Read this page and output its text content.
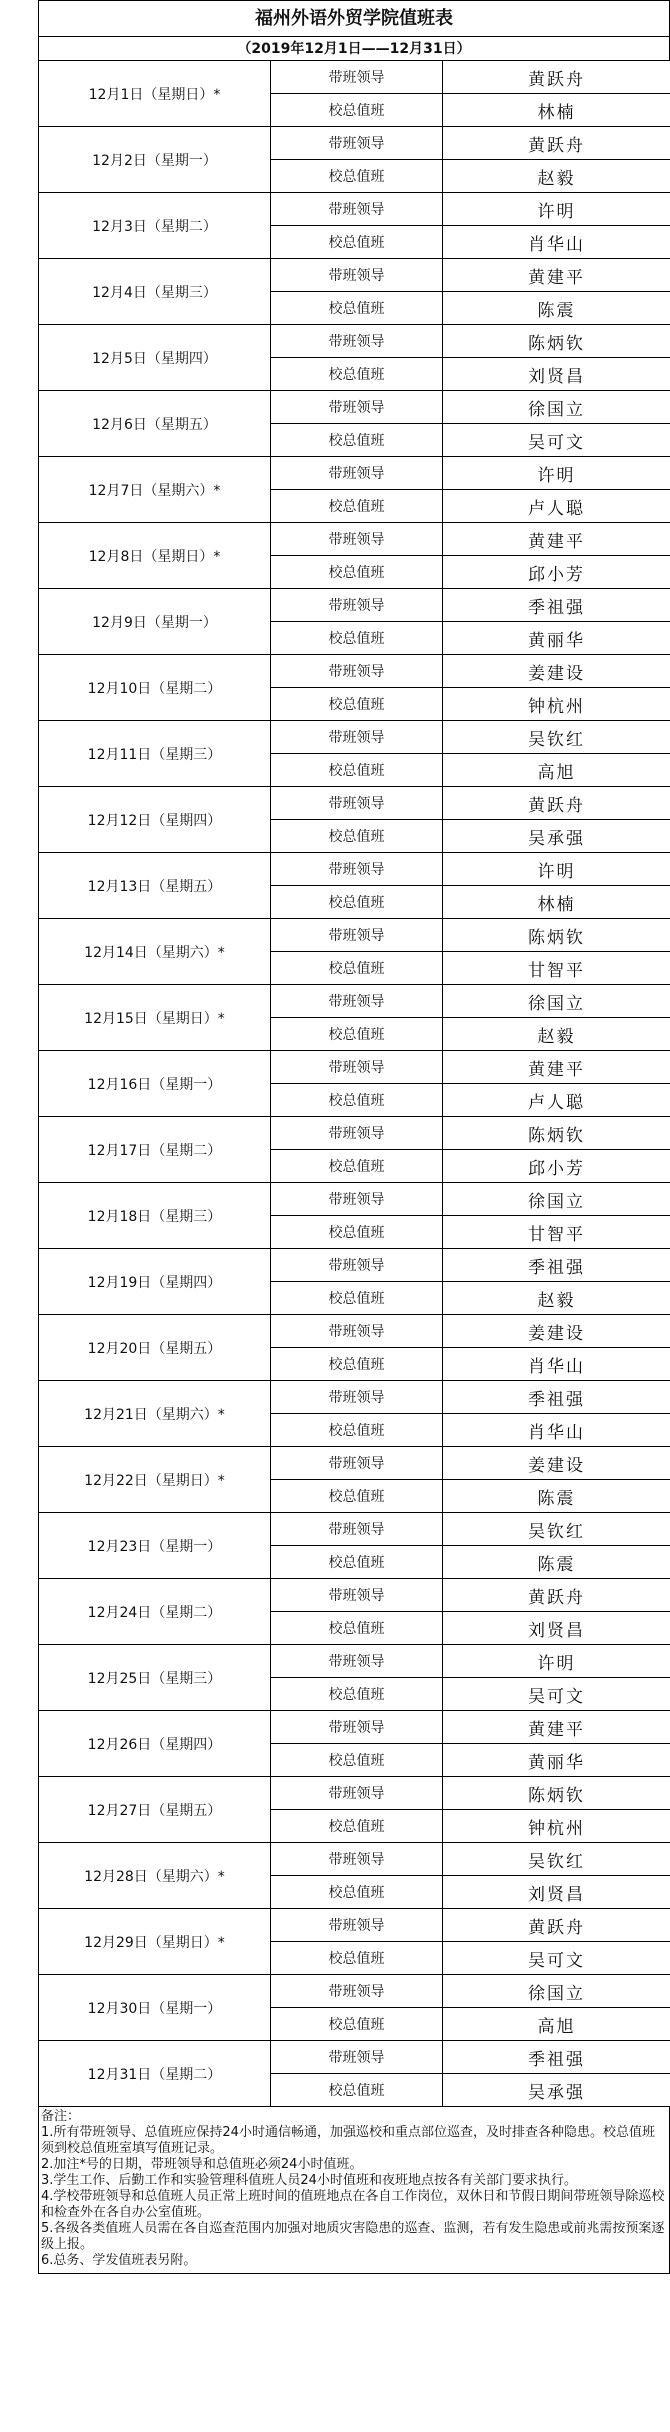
福州外语外贸学院值班表
（2019年12月1日——12月31日）
12月1日（星期日）*	带班领导	黄跃舟
	校总值班	林楠
12月2日（星期一）	带班领导	黄跃舟
	校总值班	赵毅
12月3日（星期二）	带班领导	许明
	校总值班	肖华山
12月4日（星期三）	带班领导	黄建平
	校总值班	陈震
12月5日（星期四）	带班领导	陈炳钦
	校总值班	刘贤昌
12月6日（星期五）	带班领导	徐国立
	校总值班	吴可文
12月7日（星期六）*	带班领导	许明
	校总值班	卢人聪
12月8日（星期日）*	带班领导	黄建平
	校总值班	邱小芳
12月9日（星期一）	带班领导	季祖强
	校总值班	黄丽华
12月10日（星期二）	带班领导	姜建设
	校总值班	钟杭州
12月11日（星期三）	带班领导	吴钦红
	校总值班	高旭
12月12日（星期四）	带班领导	黄跃舟
	校总值班	吴承强
12月13日（星期五）	带班领导	许明
	校总值班	林楠
12月14日（星期六）*	带班领导	陈炳钦
	校总值班	甘智平
12月15日（星期日）*	带班领导	徐国立
	校总值班	赵毅
12月16日（星期一）	带班领导	黄建平
	校总值班	卢人聪
12月17日（星期二）	带班领导	陈炳钦
	校总值班	邱小芳
12月18日（星期三）	带班领导	徐国立
	校总值班	甘智平
12月19日（星期四）	带班领导	季祖强
	校总值班	赵毅
12月20日（星期五）	带班领导	姜建设
	校总值班	肖华山
12月21日（星期六）*	带班领导	季祖强
	校总值班	肖华山
12月22日（星期日）*	带班领导	姜建设
	校总值班	陈震
12月23日（星期一）	带班领导	吴钦红
	校总值班	陈震
12月24日（星期二）	带班领导	黄跃舟
	校总值班	刘贤昌
12月25日（星期三）	带班领导	许明
	校总值班	吴可文
12月26日（星期四）	带班领导	黄建平
	校总值班	黄丽华
12月27日（星期五）	带班领导	陈炳钦
	校总值班	钟杭州
12月28日（星期六）*	带班领导	吴钦红
	校总值班	刘贤昌
12月29日（星期日）*	带班领导	黄跃舟
	校总值班	吴可文
12月30日（星期一）	带班领导	徐国立
	校总值班	高旭
12月31日（星期二）	带班领导	季祖强
	校总值班	吴承强
备注：
1.所有带班领导、总值班应保持24小时通信畅通，加强巡校和重点部位巡查，及时排查各种隐患。校总值班须到校总值班室填写值班记录。
2.加注*号的日期，带班领导和总值班必须24小时值班。
3.学生工作、后勤工作和实验管理科值班人员24小时值班和夜班地点按各有关部门要求执行。
4.学校带班领导和总值班人员正常上班时间的值班地点在各自工作岗位，双休日和节假日期间带班领导除巡校和检查外在各自办公室值班。
5.各级各类值班人员需在各自巡查范围内加强对地质灾害隐患的巡查、监测，若有发生隐患或前兆需按预案逐级上报。
6.总务、学发值班表另附。
